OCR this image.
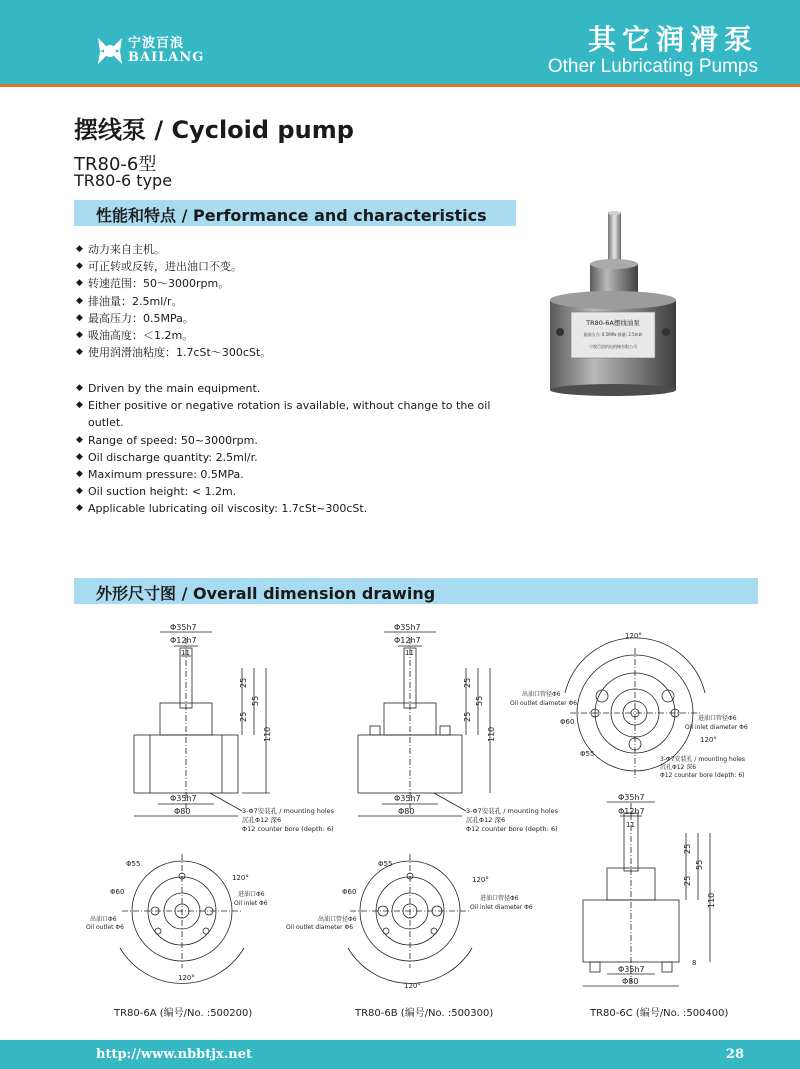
宁波百浪
BAILANG
其它润滑泵
Other Lubricating Pumps
摆线泵 / Cycloid pump
TR80-6型
TR80-6 type
性能和特点 / Performance and characteristics
◆ 动力来自主机。
◆ 可正转或反转，进出油口不变。
◆ 转速范围：50～3000rpm。
◆ 排油量：2.5ml/r。
◆ 最高压力：0.5MPa。
◆ 吸油高度：＜1.2m。
◆ 使用润滑油粘度：1.7cSt～300cSt。
◆ Driven by the main equipment.
◆ Either positive or negative rotation is available, without change to the oil outlet.
◆ Range of speed: 50~3000rpm.
◆ Oil discharge quantity: 2.5ml/r.
◆ Maximum pressure: 0.5MPa.
◆ Oil suction height: < 1.2m.
◆ Applicable lubricating oil viscosity: 1.7cSt~300cSt.
TR80-6A摆线油泵
最高压力: 0.5MPa 排量: 2.5ml/r
宁波百浪机电机械有限公司
外形尺寸图 / Overall dimension drawing
Φ35h7
Φ12h7
11
Φ35h7
Φ80
25
25
55
110
3-Φ7安装孔 / mounting holes
沉孔Φ12 深6
Φ12 counter bore (depth: 6)
Φ35h7
Φ12h7
11
Φ35h7
Φ80
25
25
55
110
3-Φ7安装孔 / mounting holes
沉孔Φ12 深6
Φ12 counter bore (depth: 6)
120°
120°
Φ60
Φ55
出油口管径Φ6
Oil outlet diameter Φ6
进油口管径Φ6
Oil inlet diameter Φ6
3-Φ7安装孔 / mounting holes
沉孔Φ12 深6
Φ12 counter bore (depth: 6)
Φ35h7
Φ12h7
11
Φ35h7
Φ80
25
25
55
110
8
Φ55
Φ60
120°
120°
出油口Φ6
Oil outlet Φ6
进油口Φ6
Oil inlet Φ6
Φ55
Φ60
120°
120°
出油口管径Φ6
Oil outlet diameter Φ6
进油口管径Φ6
Oil inlet diameter Φ6
TR80-6A (编号/No. :500200)	TR80-6B (编号/No. :500300)	TR80-6C (编号/No. :500400)
http://www.nbbtjx.net	28
